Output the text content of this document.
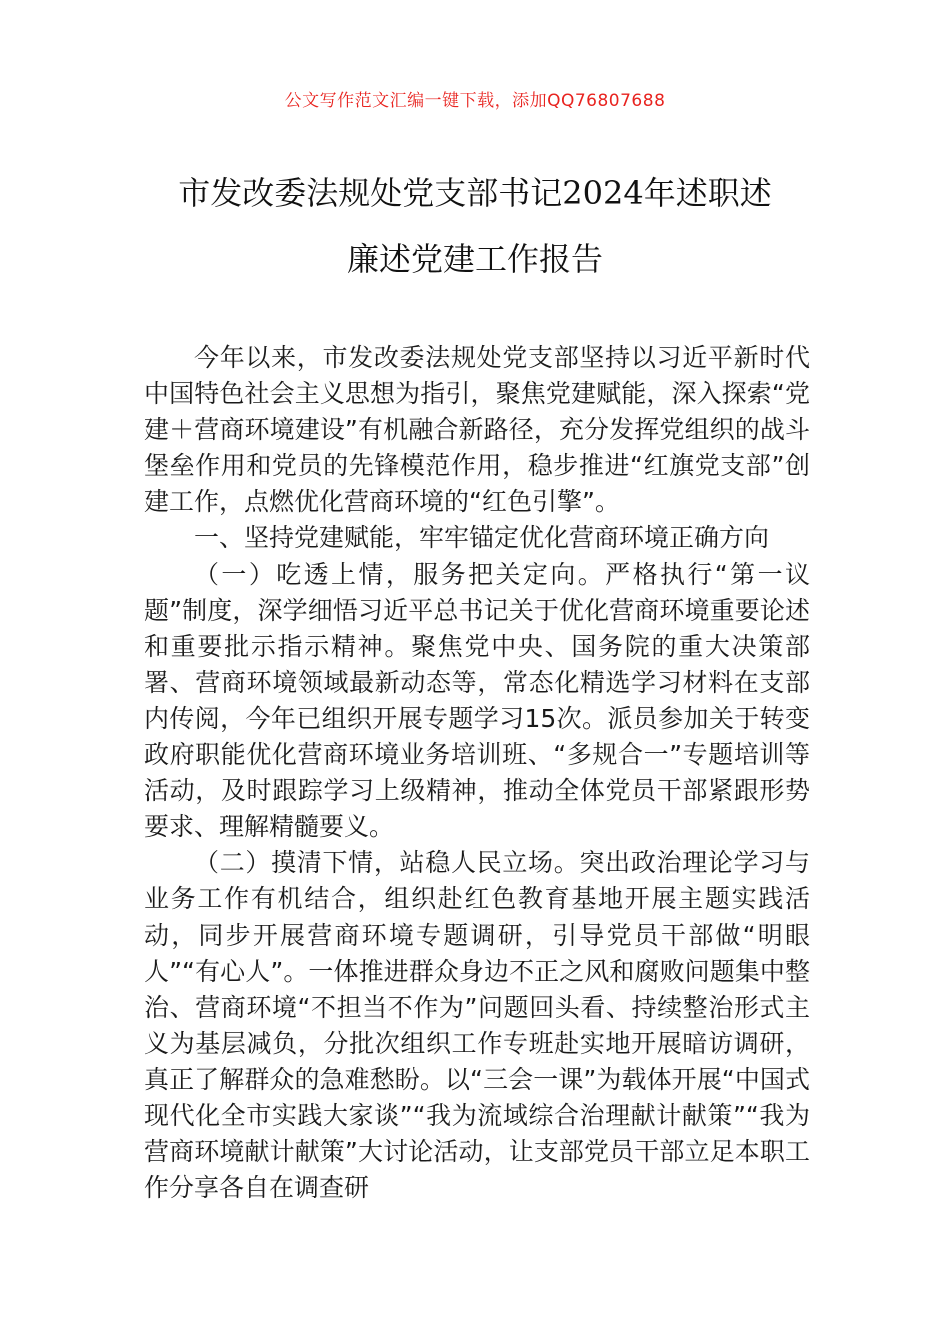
公文写作范文汇编一键下载，添加QQ76807688
市发改委法规处党支部书记2024年述职述
廉述党建工作报告

今年以来，市发改委法规处党支部坚持以习近平新时代中国特色社会主义思想为指引，聚焦党建赋能，深入探索“党建＋营商环境建设”有机融合新路径，充分发挥党组织的战斗堡垒作用和党员的先锋模范作用，稳步推进“红旗党支部”创建工作，点燃优化营商环境的“红色引擎”。

一、坚持党建赋能，牢牢锚定优化营商环境正确方向

（一）吃透上情，服务把关定向。严格执行“第一议题”制度，深学细悟习近平总书记关于优化营商环境重要论述和重要批示指示精神。聚焦党中央、国务院的重大决策部署、营商环境领域最新动态等，常态化精选学习材料在支部内传阅，今年已组织开展专题学习15次。派员参加关于转变政府职能优化营商环境业务培训班、“多规合一”专题培训等活动，及时跟踪学习上级精神，推动全体党员干部紧跟形势要求、理解精髓要义。

（二）摸清下情，站稳人民立场。突出政治理论学习与业务工作有机结合，组织赴红色教育基地开展主题实践活动，同步开展营商环境专题调研，引导党员干部做“明眼人”“有心人”。一体推进群众身边不正之风和腐败问题集中整治、营商环境“不担当不作为”问题回头看、持续整治形式主义为基层减负，分批次组织工作专班赴实地开展暗访调研，真正了解群众的急难愁盼。以“三会一课”为载体开展“中国式现代化全市实践大家谈”“我为流域综合治理献计献策”“我为营商环境献计献策”大讨论活动，让支部党员干部立足本职工作分享各自在调查研
